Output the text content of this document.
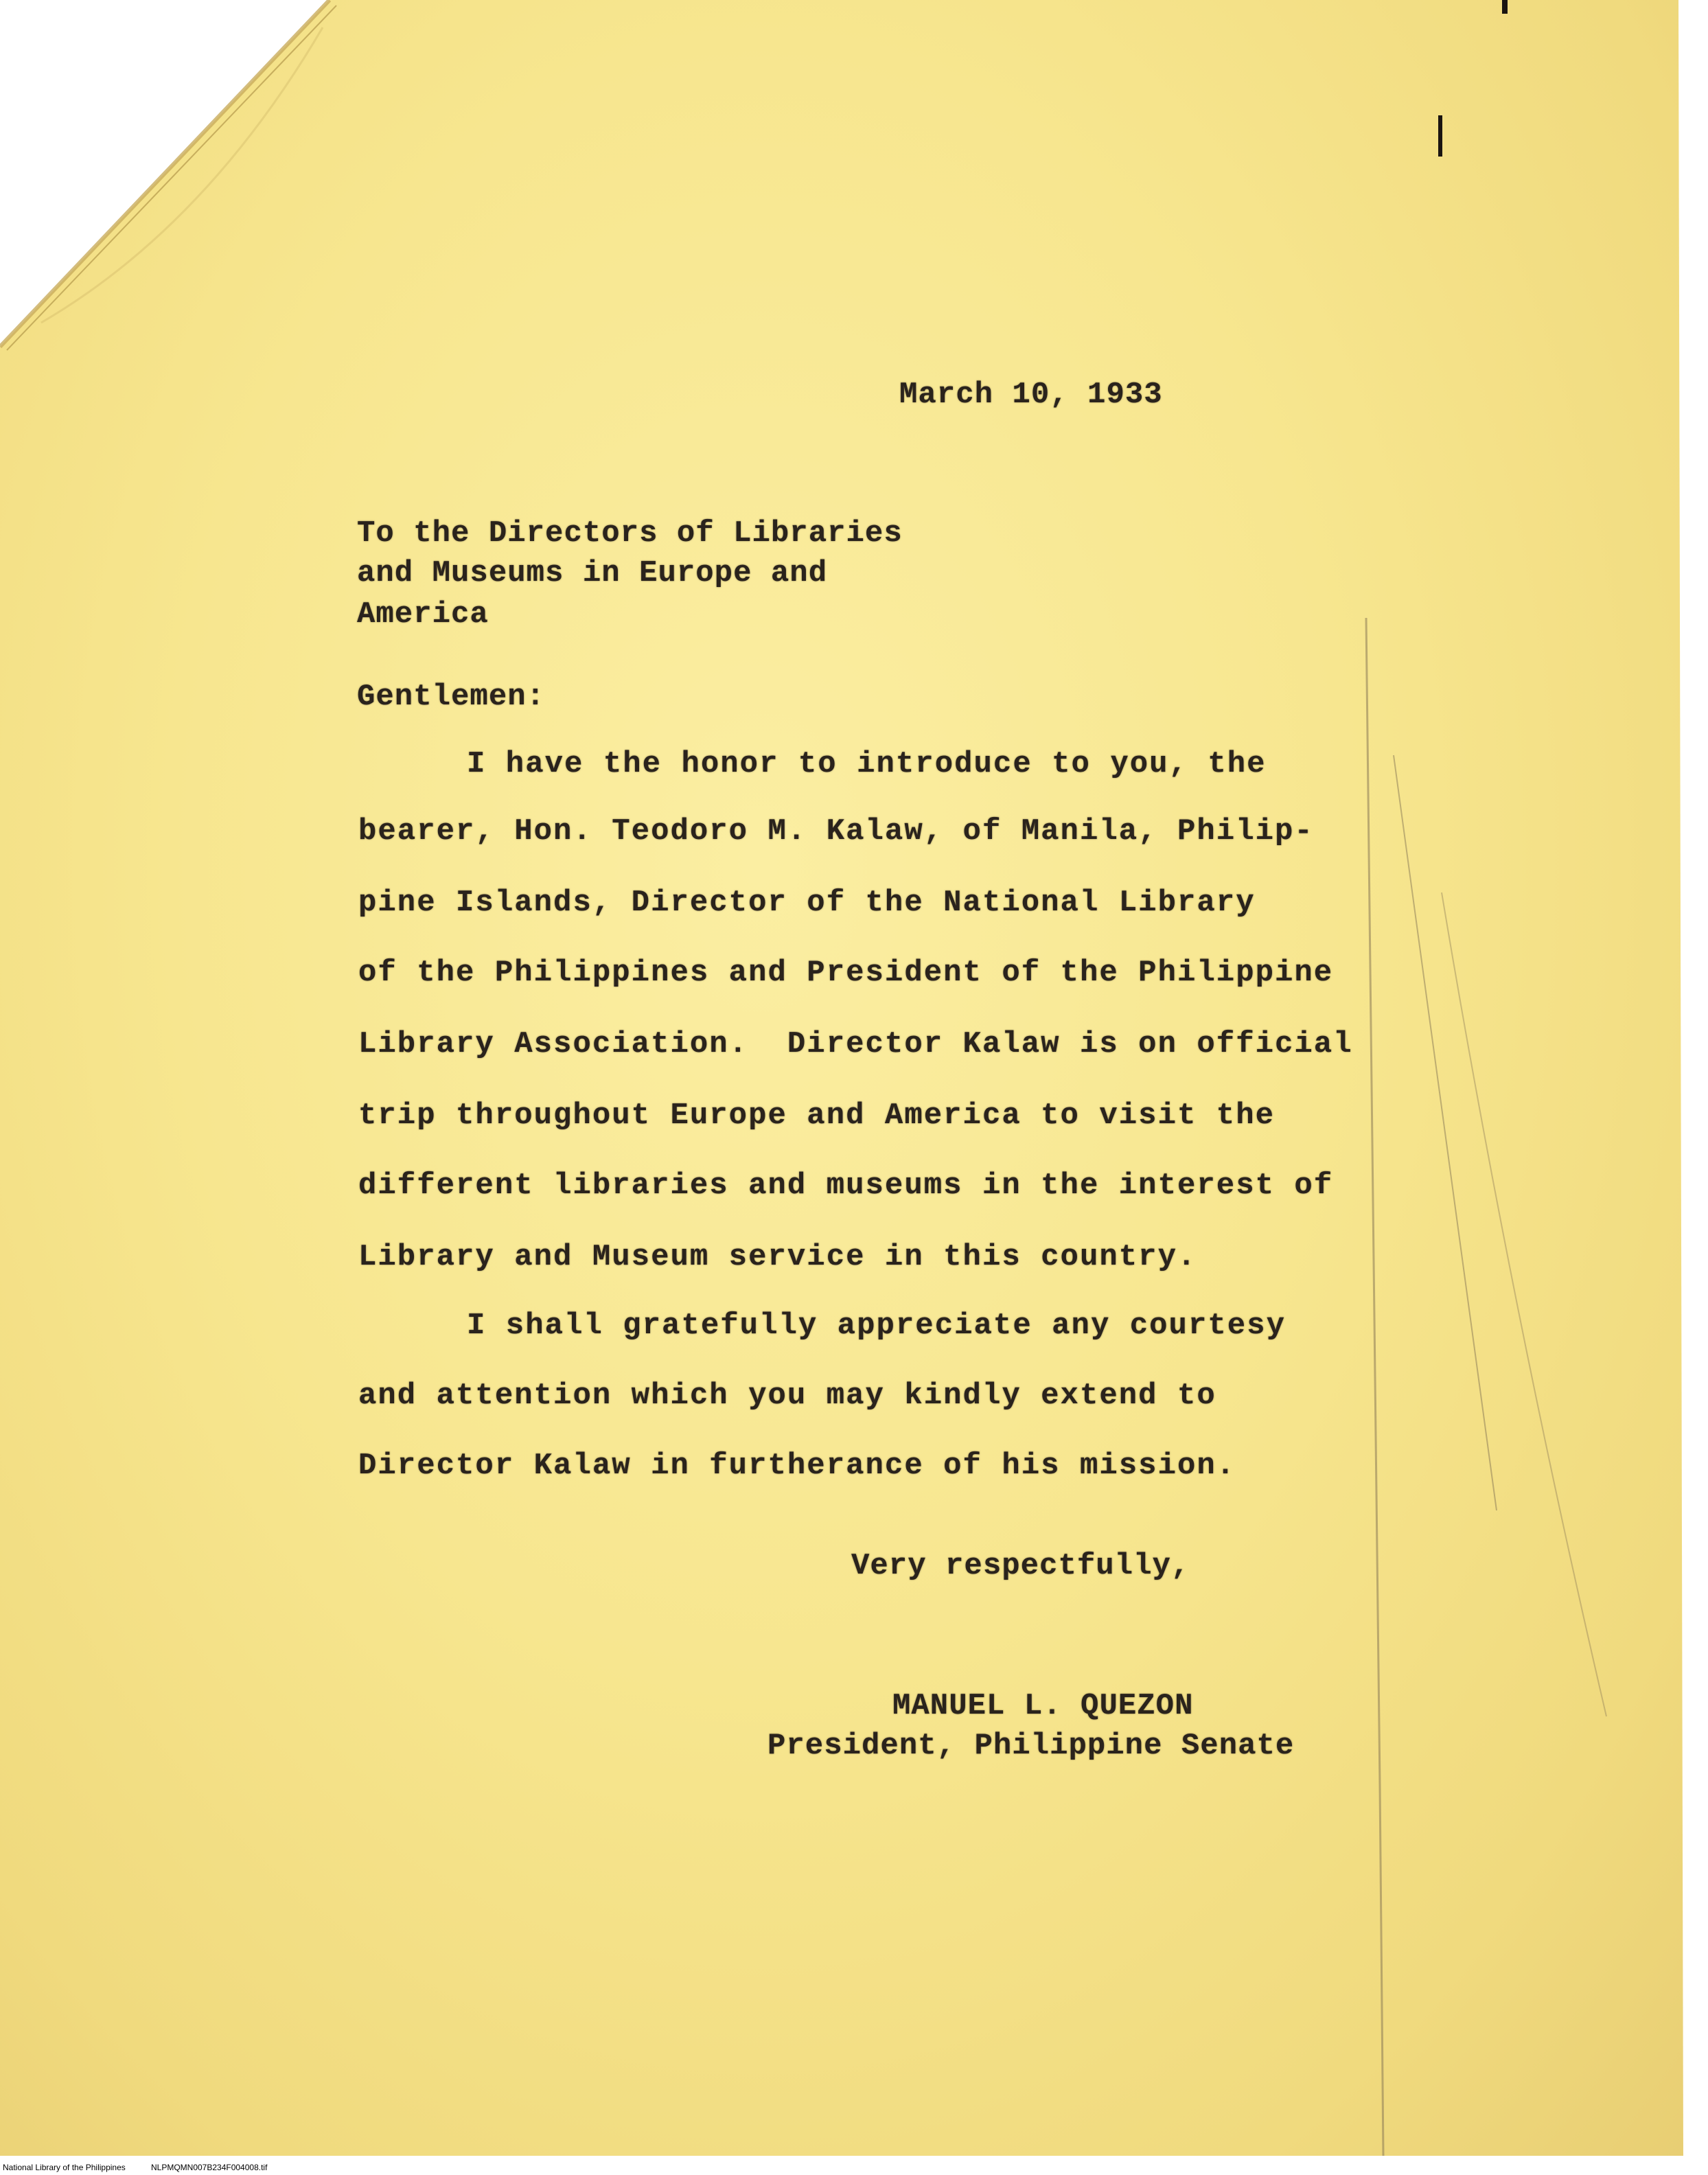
March 10, 1933

To the Directors of Libraries

and Museums in Europe and

America

Gentlemen:

I have the honor to introduce to you, the

bearer, Hon. Teodoro M. Kalaw, of Manila, Philip-

pine Islands, Director of the National Library

of the Philippines and President of the Philippine

Library Association.  Director Kalaw is on official

trip throughout Europe and America to visit the

different libraries and museums in the interest of

Library and Museum service in this country.

I shall gratefully appreciate any courtesy

and attention which you may kindly extend to

Director Kalaw in furtherance of his mission.

Very respectfully,

MANUEL L. QUEZON

President, Philippine Senate

National Library of the Philippines	NLPMQMN007B234F004008.tif
